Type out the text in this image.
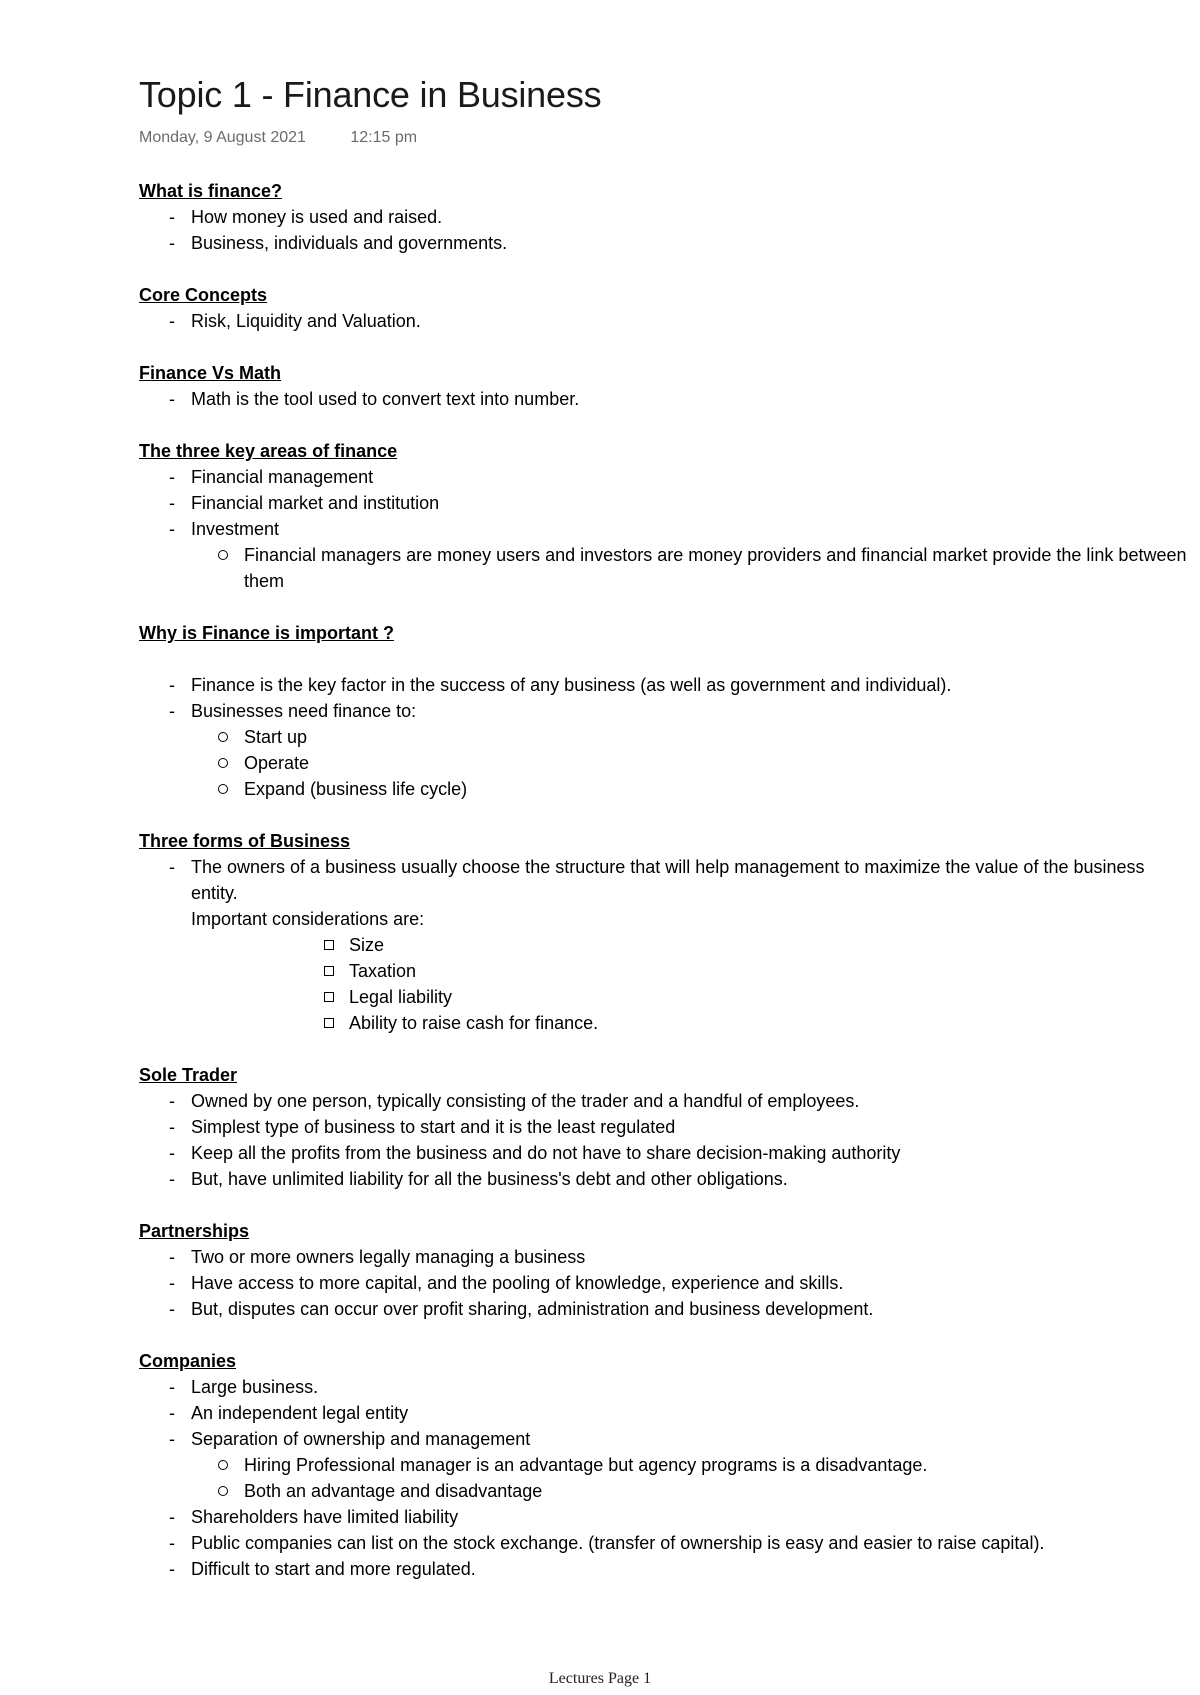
Topic 1 - Finance in Business
Monday, 9 August 2021	12:15 pm

What is finance?

- How money is used and raised.
- Business, individuals and governments.

Core Concepts

- Risk, Liquidity and Valuation.

Finance Vs Math

- Math is the tool used to convert text into number.

The three key areas of finance

- Financial management
- Financial market and institution
- Investment
Financial managers are money users and investors are money providers and financial market provide the link between them

Why is Finance is important ?

- Finance is the key factor in the success of any business (as well as government and individual).
- Businesses need finance to:
Start up
Operate
Expand (business life cycle)

Three forms of Business

- The owners of a business usually choose the structure that will help management to maximize the value of the business entity.
Important considerations are:
Size
Taxation
Legal liability
Ability to raise cash for finance.

Sole Trader

- Owned by one person, typically consisting of the trader and a handful of employees.
- Simplest type of business to start and it is the least regulated
- Keep all the profits from the business and do not have to share decision-making authority
- But, have unlimited liability for all the business's debt and other obligations.

Partnerships

- Two or more owners legally managing a business
- Have access to more capital, and the pooling of knowledge, experience and skills.
- But, disputes can occur over profit sharing, administration and business development.

Companies

- Large business.
- An independent legal entity
- Separation of ownership and management
Hiring Professional manager is an advantage but agency programs is a disadvantage.
Both an advantage and disadvantage
- Shareholders have limited liability
- Public companies can list on the stock exchange. (transfer of ownership is easy and easier to raise capital).
- Difficult to start and more regulated.
Lectures Page 1
